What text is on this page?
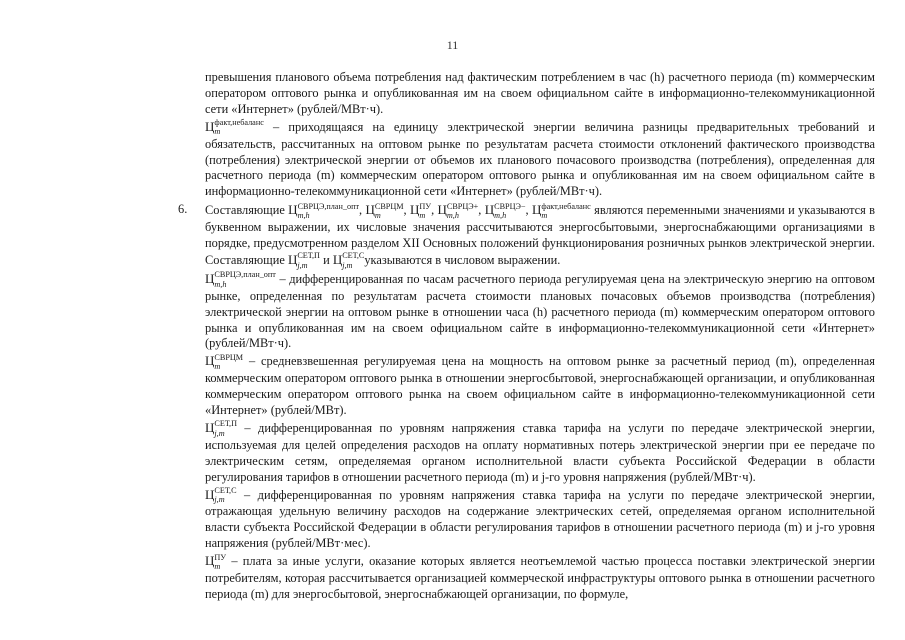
11

превышения планового объема потребления над фактическим потреблением в час (h) расчетного периода (m) коммерческим оператором оптового рынка и опубликованная им на своем официальном сайте в информационно-телекоммуникационной сети «Интернет» (рублей/МВт·ч).

Ц факт,небаланс
m	– приходящаяся на единицу электрической энергии величина разницы предварительных требований и обязательств, рассчитанных на оптовом рынке по результатам расчета стоимости отклонений фактического производства (потребления) электрической энергии от объемов их планового почасового производства (потребления), определенная для расчетного периода (m) коммерческим оператором оптового рынка и опубликованная им на своем официальном сайте в информационно-телекоммуникационной сети «Интернет» (рублей/МВт·ч).

6. Составляющие Ц СВРЦЭ,план_опт
m,h	, Ц СВРЦМ
m	, Ц ПУ
m , Ц СВРЦЭ+
m,h	, Ц СВРЦЭ−
m,h	, Ц факт,небаланс
m	являются переменными значениями и указываются в буквенном выражении, их числовые значения рассчитываются энергосбытовыми, энергоснабжающими организациями в порядке, предусмотренном разделом XII Основных положений функционирования розничных рынков электрической энергии. Составляющие Ц СЕТ,П
j,m	и Ц СЕТ,С
j,m указываются в числовом выражении.

Ц СВРЦЭ,план_опт
m,h	– дифференцированная по часам расчетного периода регулируемая цена на электрическую энергию на оптовом рынке, определенная по результатам расчета стоимости плановых почасовых объемов производства (потребления) электрической энергии на оптовом рынке в отношении часа (h) расчетного периода (m) коммерческим оператором оптового рынка и опубликованная им на своем официальном сайте в информационно-телекоммуникационной сети «Интернет» (рублей/МВт·ч).

Ц СВРЦМ
m	– средневзвешенная регулируемая цена на мощность на оптовом рынке за расчетный период (m), определенная коммерческим оператором оптового рынка в отношении энергосбытовой, энергоснабжающей организации, и опубликованная коммерческим оператором оптового рынка на своем официальном сайте в информационно-телекоммуникационной сети «Интернет» (рублей/МВт).

Ц СЕТ,П
j,m	– дифференцированная по уровням напряжения ставка тарифа на услуги по передаче электрической энергии, используемая для целей определения расходов на оплату нормативных потерь электрической энергии при ее передаче по электрическим сетям, определяемая органом исполнительной власти субъекта Российской Федерации в области регулирования тарифов в отношении расчетного периода (m) и j-го уровня напряжения (рублей/МВт·ч).

Ц СЕТ,С
j,m	– дифференцированная по уровням напряжения ставка тарифа на услуги по передаче электрической энергии, отражающая удельную величину расходов на содержание электрических сетей, определяемая органом исполнительной власти субъекта Российской Федерации в области регулирования тарифов в отношении расчетного периода (m) и j-го уровня напряжения (рублей/МВт·мес).

Ц ПУ
m – плата за иные услуги, оказание которых является неотъемлемой частью процесса поставки электрической энергии потребителям, которая рассчитывается организацией коммерческой инфраструктуры оптового рынка в отношении расчетного периода (m) для энергосбытовой, энергоснабжающей организации, по формуле,
